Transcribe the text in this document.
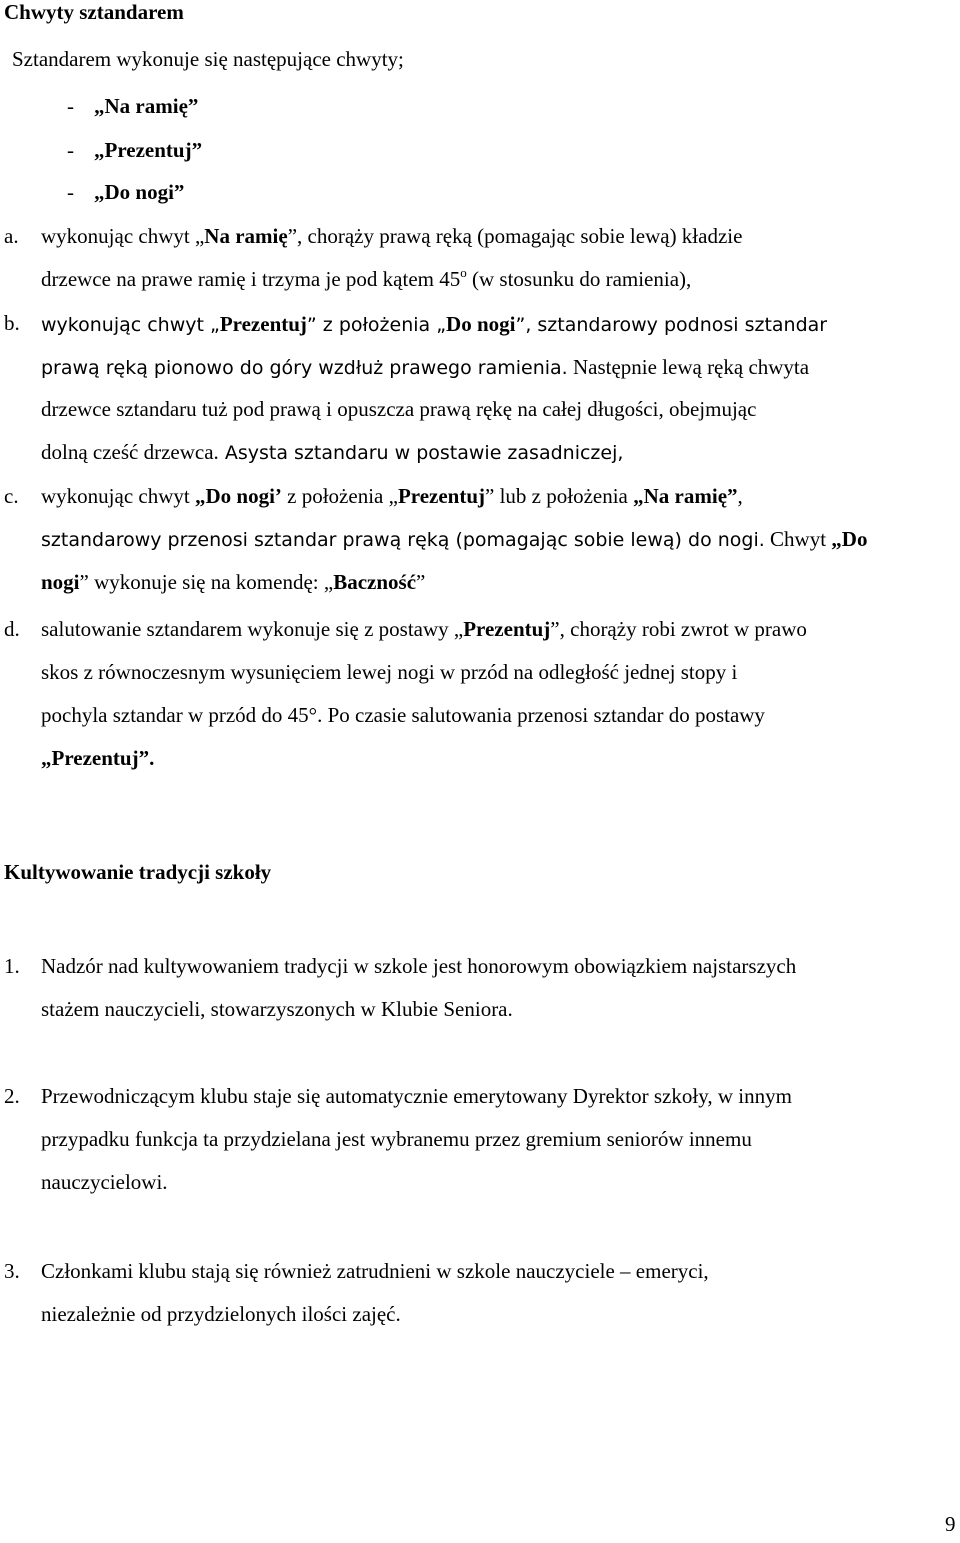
Chwyty sztandarem
Sztandarem wykonuje się następujące chwyty;
- „Na ramię”
- „Prezentuj”
- „Do nogi”
a. wykonując chwyt „Na ramię”, chorąży prawą ręką (pomagając sobie lewą) kładzie
drzewce na prawe ramię i trzyma je pod kątem 45$^o$ (w stosunku do ramienia),
b. wykonując chwyt „Prezentuj” z położenia „Do nogi”, sztandarowy podnosi sztandar
prawą ręką pionowo do góry wzdłuż prawego ramienia. Następnie lewą ręką chwyta
drzewce sztandaru tuż pod prawą i opuszcza prawą rękę na całej długości, obejmując
dolną cześć drzewca. Asysta sztandaru w postawie zasadniczej,
c. wykonując chwyt „Do nogi’ z położenia „Prezentuj” lub z położenia „Na ramię”,
sztandarowy przenosi sztandar prawą ręką (pomagając sobie lewą) do nogi. Chwyt „Do
nogi” wykonuje się na komendę: „Baczność”
d. salutowanie sztandarem wykonuje się z postawy „Prezentuj”, chorąży robi zwrot w prawo
skos z równoczesnym wysunięciem lewej nogi w przód na odległość jednej stopy i
pochyla sztandar w przód do 45°. Po czasie salutowania przenosi sztandar do postawy
„Prezentuj”.
Kultywowanie tradycji szkoły
1. Nadzór nad kultywowaniem tradycji w szkole jest honorowym obowiązkiem najstarszych
stażem nauczycieli, stowarzyszonych w Klubie Seniora.
2. Przewodniczącym klubu staje się automatycznie emerytowany Dyrektor szkoły, w innym
przypadku funkcja ta przydzielana jest wybranemu przez gremium seniorów innemu
nauczycielowi.
3. Członkami klubu stają się również zatrudnieni w szkole nauczyciele – emeryci,
niezależnie od przydzielonych ilości zajęć.
9
